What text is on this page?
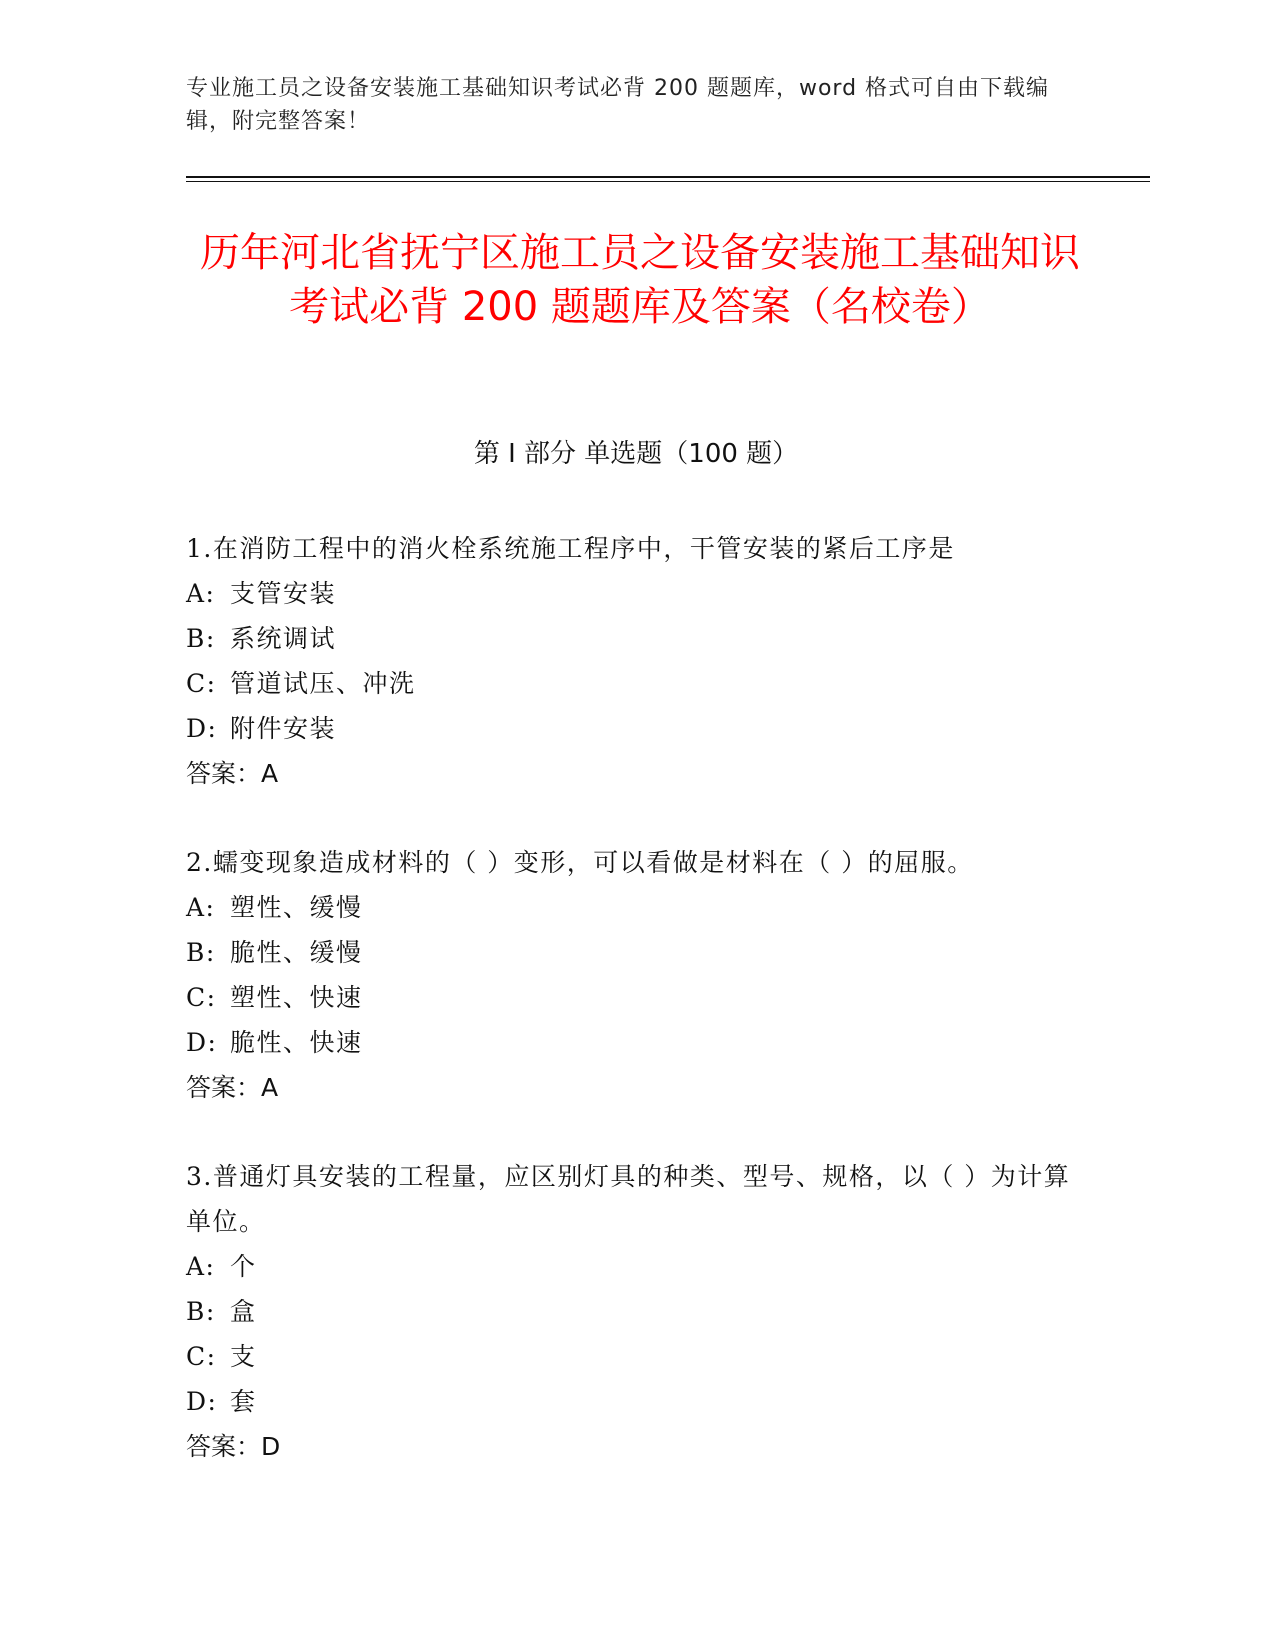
专业施工员之设备安装施工基础知识考试必背 200 题题库，word 格式可自由下载编辑，附完整答案！
历年河北省抚宁区施工员之设备安装施工基础知识考试必背 200 题题库及答案（名校卷）
第 I 部分 单选题（100 题）
1.在消防工程中的消火栓系统施工程序中，干管安装的紧后工序是
A: 支管安装
B: 系统调试
C: 管道试压、冲洗
D: 附件安装
答案：A
2.蠕变现象造成材料的（ ）变形，可以看做是材料在（ ）的屈服。
A: 塑性、缓慢
B: 脆性、缓慢
C: 塑性、快速
D: 脆性、快速
答案：A
3.普通灯具安装的工程量，应区别灯具的种类、型号、规格，以（ ）为计算单位。
A: 个
B: 盒
C: 支
D: 套
答案：D
